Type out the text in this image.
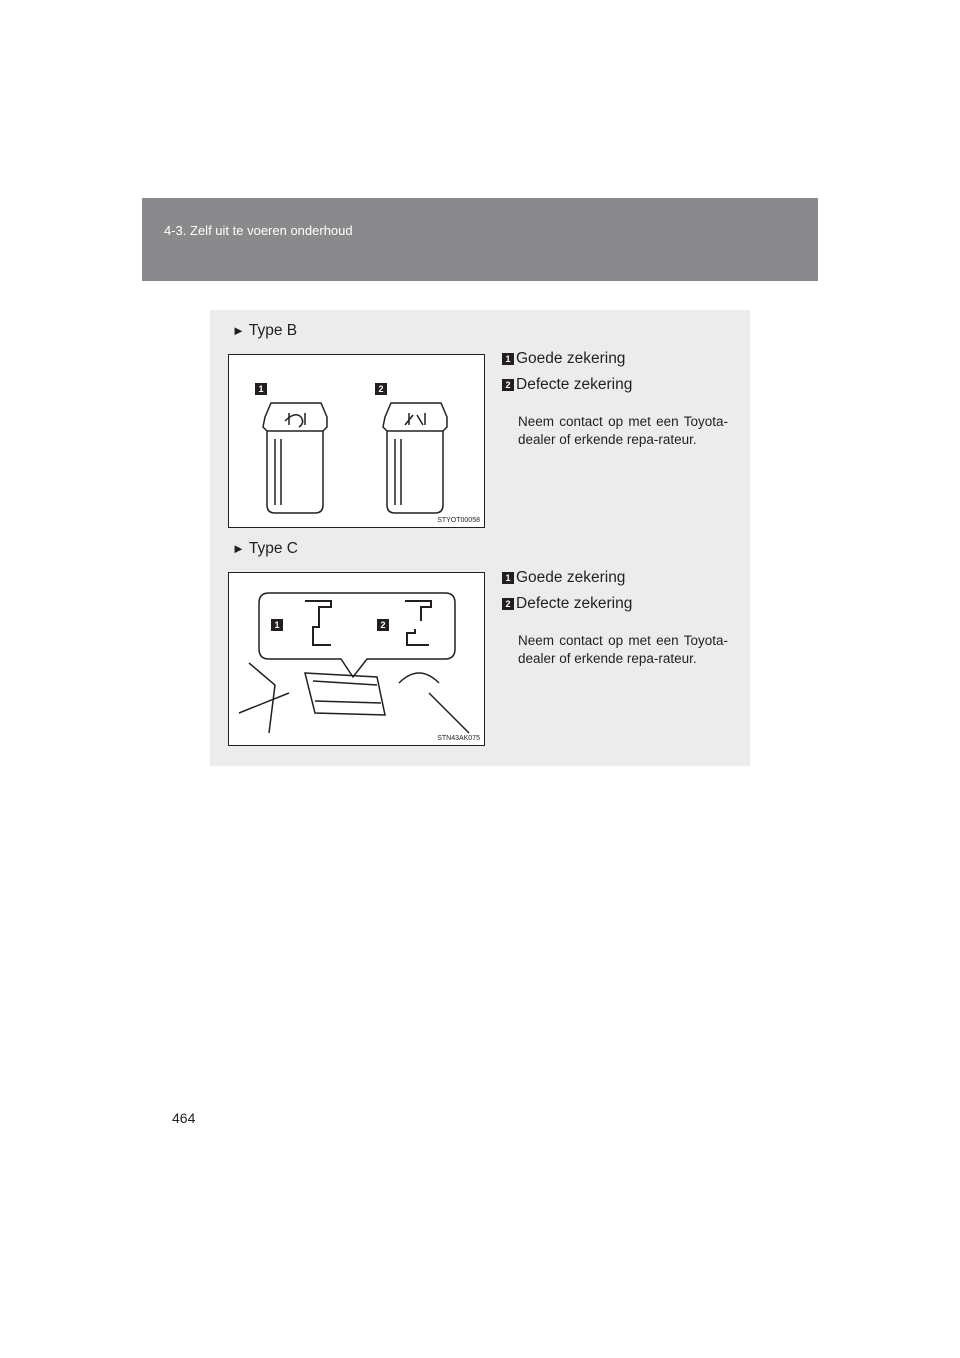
4-3. Zelf uit te voeren onderhoud
► Type B
1	2
STYOT00058
1 Goede zekering
2 Defecte zekering
Neem contact op met een Toyota-dealer of erkende repa-rateur.
► Type C
1	2
STN43AK075
1 Goede zekering
2 Defecte zekering
Neem contact op met een Toyota-dealer of erkende repa-rateur.
464
